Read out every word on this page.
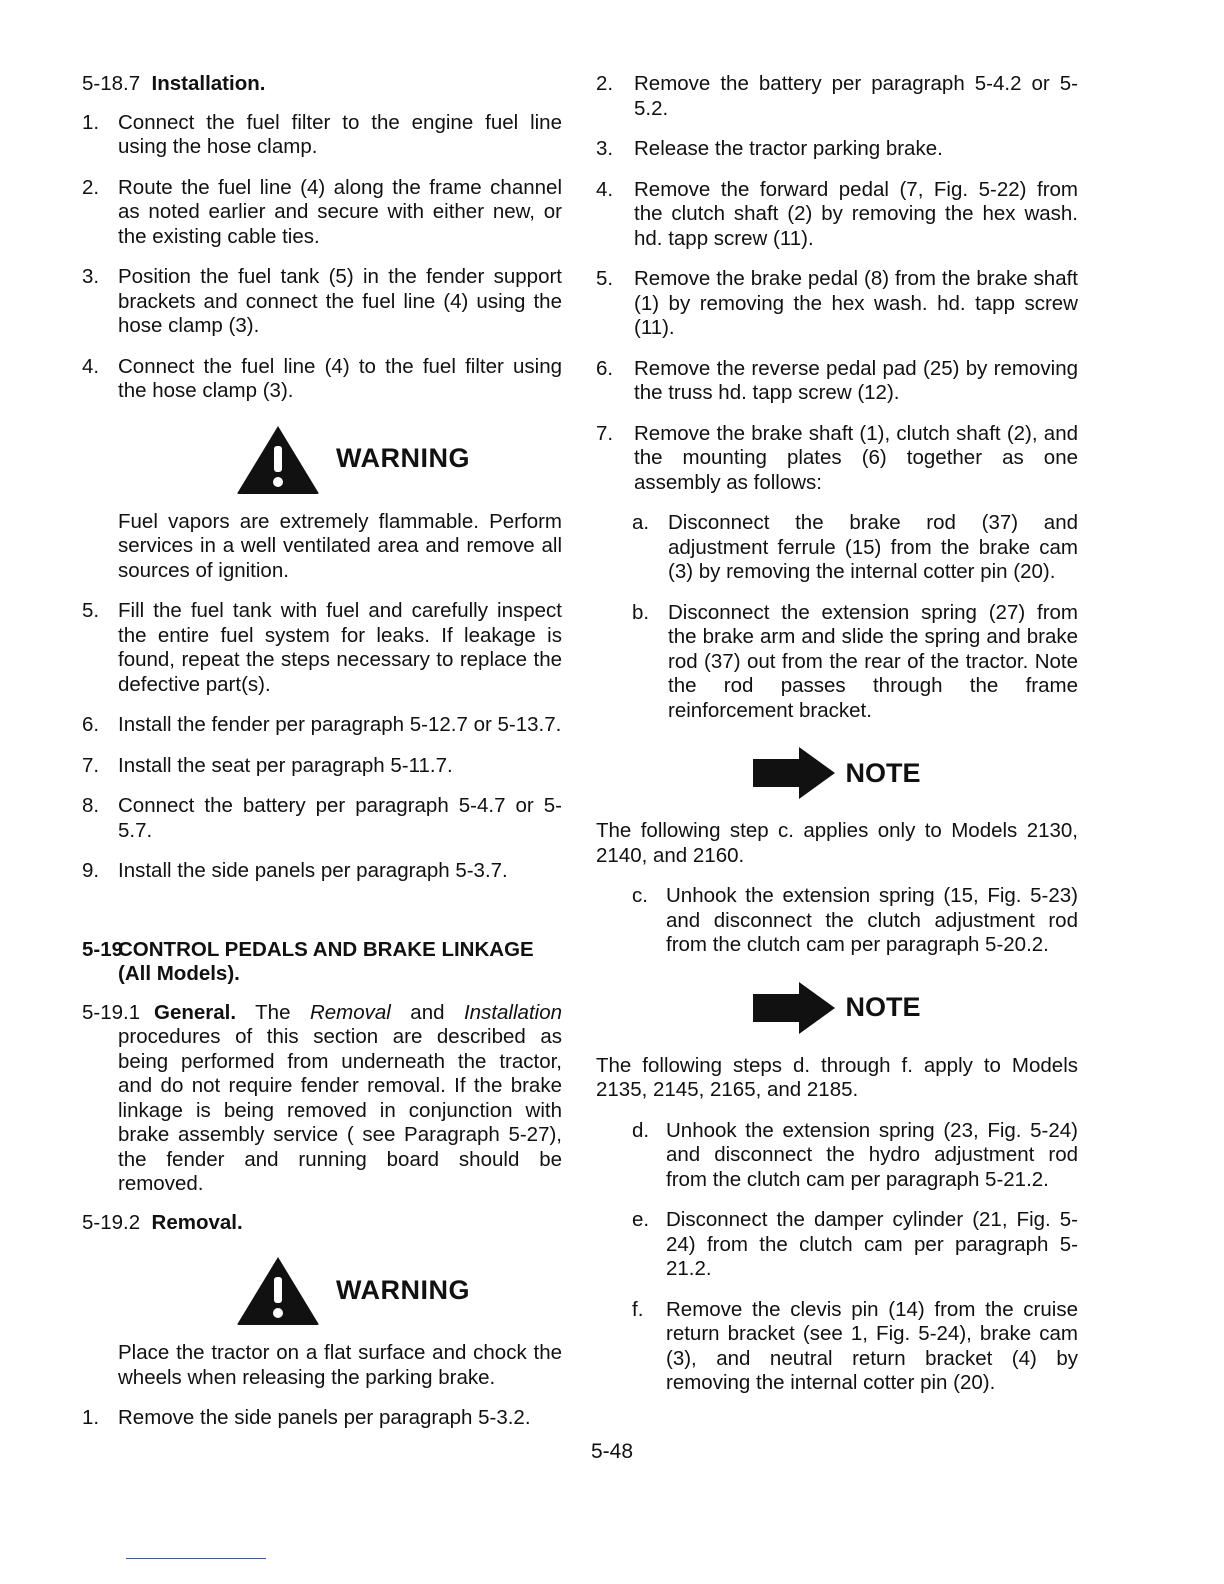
5-18.7 Installation.

1. Connect the fuel filter to the engine fuel line using the hose clamp.
2. Route the fuel line (4) along the frame channel as noted earlier and secure with either new, or the existing cable ties.
3. Position the fuel tank (5) in the fender support brackets and connect the fuel line (4) using the hose clamp (3).
4. Connect the fuel line (4) to the fuel filter using the hose clamp (3).
WARNING

Fuel vapors are extremely flammable. Perform services in a well ventilated area and remove all sources of ignition.

5. Fill the fuel tank with fuel and carefully inspect the entire fuel system for leaks. If leakage is found, repeat the steps necessary to replace the defective part(s).
6. Install the fender per paragraph 5-12.7 or 5-13.7.
7. Install the seat per paragraph 5-11.7.
8. Connect the battery per paragraph 5-4.7 or 5-5.7.
9. Install the side panels per paragraph 5-3.7.
5-19
CONTROL PEDALS AND BRAKE LINKAGE (All Models).
5-19.1 General. The Removal and Installation procedures of this section are described as being performed from underneath the tractor, and do not require fender removal. If the brake linkage is being removed in conjunction with brake assembly service ( see Paragraph 5-27), the fender and running board should be removed.

5-19.2 Removal.

WARNING

Place the tractor on a flat surface and chock the wheels when releasing the parking brake.

1. Remove the side panels per paragraph 5-3.2.
2. Remove the battery per paragraph 5-4.2 or 5-5.2.
3. Release the tractor parking brake.
4. Remove the forward pedal (7, Fig. 5-22) from the clutch shaft (2) by removing the hex wash. hd. tapp screw (11).
5. Remove the brake pedal (8) from the brake shaft (1) by removing the hex wash. hd. tapp screw (11).
6. Remove the reverse pedal pad (25) by removing the truss hd. tapp screw (12).
7. Remove the brake shaft (1), clutch shaft (2), and the mounting plates (6) together as one assembly as follows:
a. Disconnect the brake rod (37) and adjustment ferrule (15) from the brake cam (3) by removing the internal cotter pin (20).
b. Disconnect the extension spring (27) from the brake arm and slide the spring and brake rod (37) out from the rear of the tractor. Note the rod passes through the frame reinforcement bracket.
NOTE

The following step c. applies only to Models 2130, 2140, and 2160.

c. Unhook the extension spring (15, Fig. 5-23) and disconnect the clutch adjustment rod from the clutch cam per paragraph 5-20.2.
NOTE

The following steps d. through f. apply to Models 2135, 2145, 2165, and 2185.

d. Unhook the extension spring (23, Fig. 5-24) and disconnect the hydro adjustment rod from the clutch cam per paragraph 5-21.2.
e. Disconnect the damper cylinder (21, Fig. 5-24) from the clutch cam per paragraph 5-21.2.
f. Remove the clevis pin (14) from the cruise return bracket (see 1, Fig. 5-24), brake cam (3), and neutral return bracket (4) by removing the internal cotter pin (20).
5-48
